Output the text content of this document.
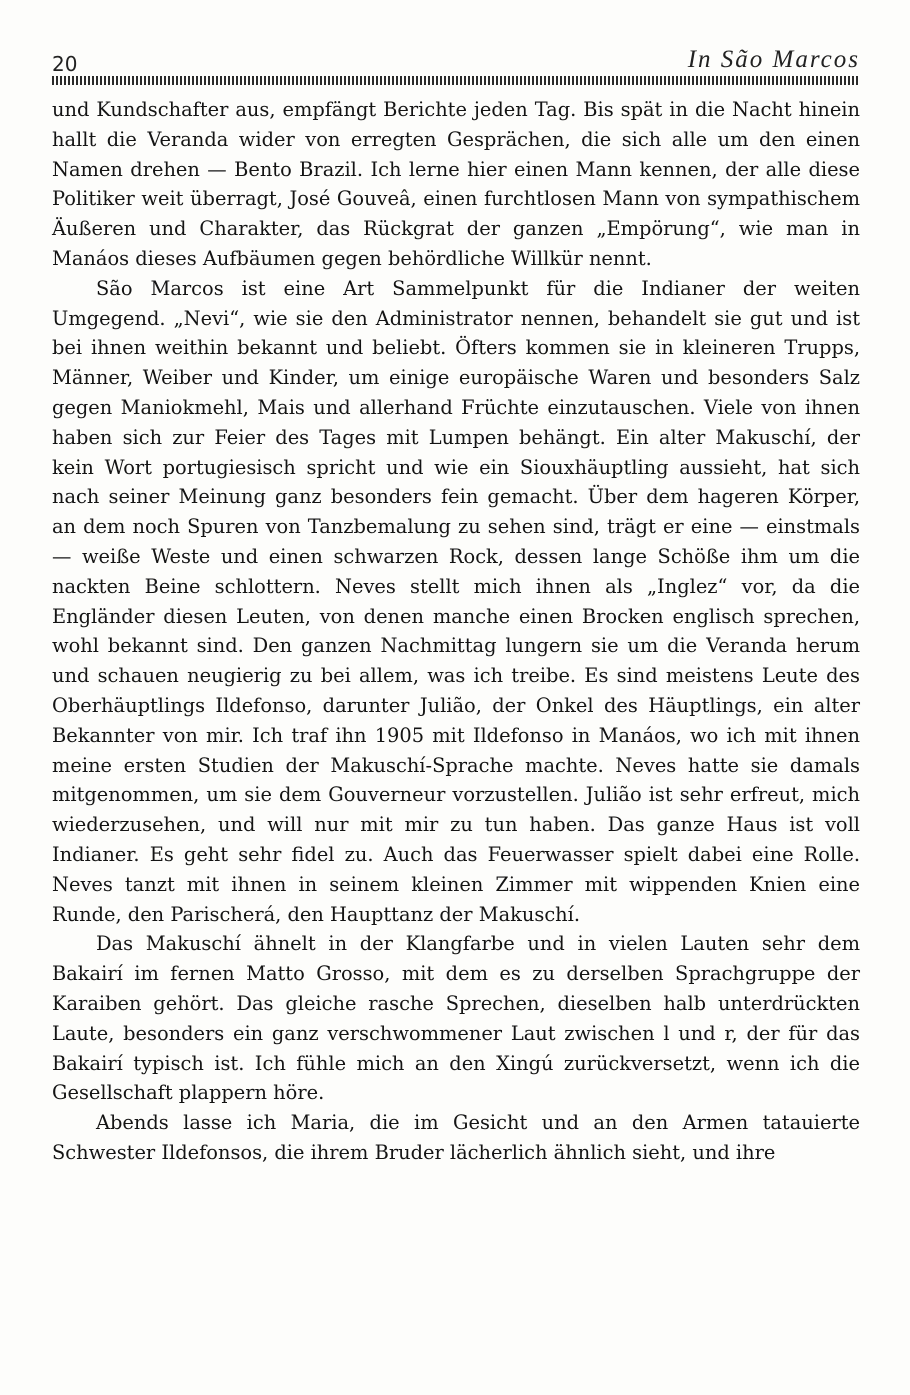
20	In São Marcos

und Kundschafter aus, empfängt Berichte jeden Tag. Bis spät in die Nacht hinein hallt die Veranda wider von erregten Gesprächen, die sich alle um den einen Namen drehen — Bento Brazil. Ich lerne hier einen Mann kennen, der alle diese Politiker weit überragt, José Gouveâ, einen furchtlosen Mann von sympathischem Äußeren und Charakter, das Rückgrat der ganzen „Empörung“, wie man in Manáos dieses Aufbäumen gegen behördliche Willkür nennt.

São Marcos ist eine Art Sammelpunkt für die Indianer der weiten Umgegend. „Nevi“, wie sie den Administrator nennen, behandelt sie gut und ist bei ihnen weithin bekannt und beliebt. Öfters kommen sie in kleineren Trupps, Männer, Weiber und Kinder, um einige europäische Waren und besonders Salz gegen Maniokmehl, Mais und allerhand Früchte einzutauschen. Viele von ihnen haben sich zur Feier des Tages mit Lumpen behängt. Ein alter Makuschí, der kein Wort portugiesisch spricht und wie ein Siouxhäuptling aussieht, hat sich nach seiner Meinung ganz besonders fein gemacht. Über dem hageren Körper, an dem noch Spuren von Tanzbemalung zu sehen sind, trägt er eine — einstmals — weiße Weste und einen schwarzen Rock, dessen lange Schöße ihm um die nackten Beine schlottern. Neves stellt mich ihnen als „Inglez“ vor, da die Engländer diesen Leuten, von denen manche einen Brocken englisch sprechen, wohl bekannt sind. Den ganzen Nachmittag lungern sie um die Veranda herum und schauen neugierig zu bei allem, was ich treibe. Es sind meistens Leute des Oberhäuptlings Ildefonso, darunter Julião, der Onkel des Häuptlings, ein alter Bekannter von mir. Ich traf ihn 1905 mit Ildefonso in Manáos, wo ich mit ihnen meine ersten Studien der Makuschí-Sprache machte. Neves hatte sie damals mitgenommen, um sie dem Gouverneur vorzustellen. Julião ist sehr erfreut, mich wiederzusehen, und will nur mit mir zu tun haben. Das ganze Haus ist voll Indianer. Es geht sehr fidel zu. Auch das Feuerwasser spielt dabei eine Rolle. Neves tanzt mit ihnen in seinem kleinen Zimmer mit wippenden Knien eine Runde, den Parischerá, den Haupttanz der Makuschí.

Das Makuschí ähnelt in der Klangfarbe und in vielen Lauten sehr dem Bakairí im fernen Matto Grosso, mit dem es zu derselben Sprachgruppe der Karaiben gehört. Das gleiche rasche Sprechen, dieselben halb unterdrückten Laute, besonders ein ganz verschwommener Laut zwischen l und r, der für das Bakairí typisch ist. Ich fühle mich an den Xingú zurückversetzt, wenn ich die Gesellschaft plappern höre.

Abends lasse ich Maria, die im Gesicht und an den Armen tatauierte Schwester Ildefonsos, die ihrem Bruder lächerlich ähnlich sieht, und ihre
